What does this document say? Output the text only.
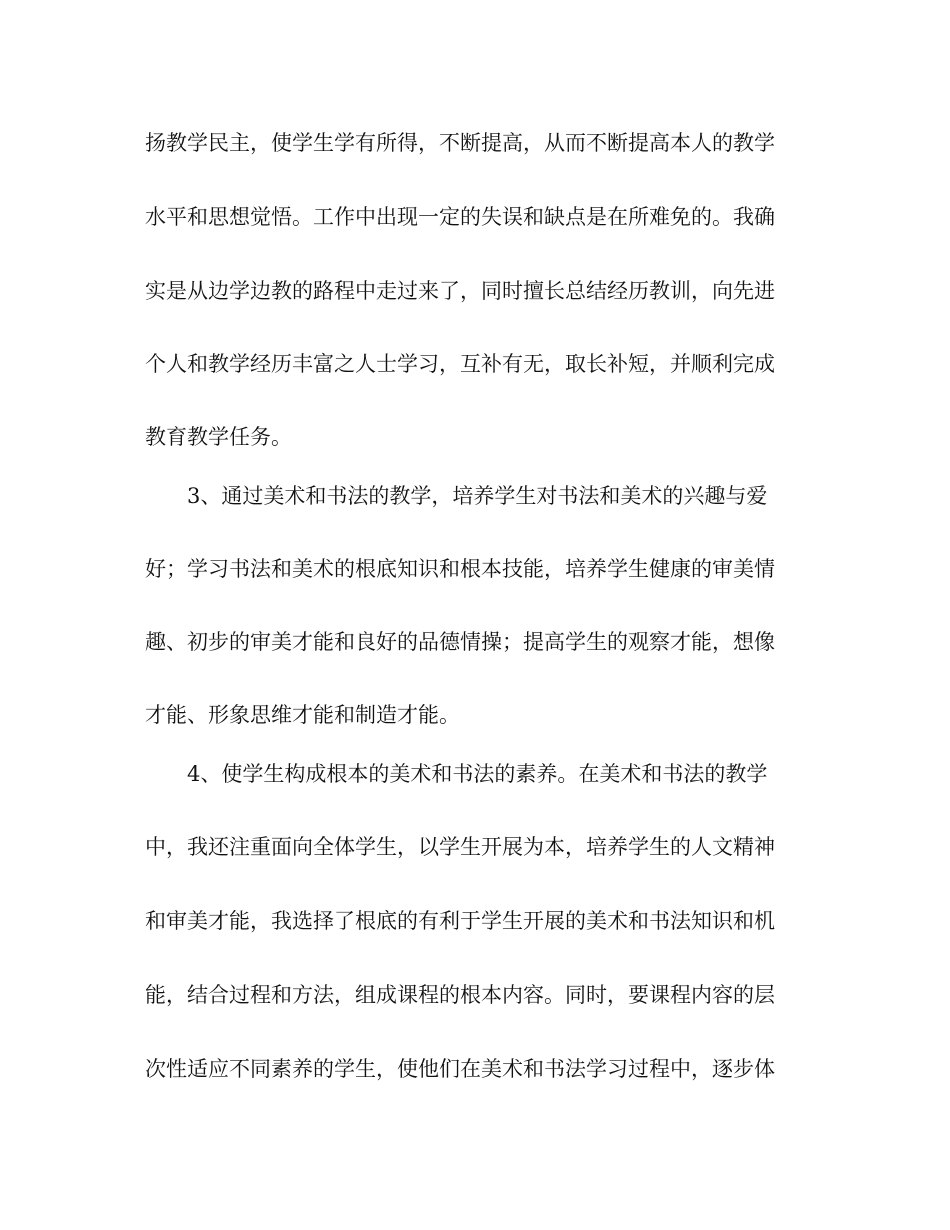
扬教学民主，使学生学有所得，不断提高，从而不断提高本人的教学
水平和思想觉悟。工作中出现一定的失误和缺点是在所难免的。我确
实是从边学边教的路程中走过来了，同时擅长总结经历教训，向先进
个人和教学经历丰富之人士学习，互补有无，取长补短，并顺利完成
教育教学任务。
3、通过美术和书法的教学，培养学生对书法和美术的兴趣与爱
好；学习书法和美术的根底知识和根本技能，培养学生健康的审美情
趣、初步的审美才能和良好的品德情操；提高学生的观察才能，想像
才能、形象思维才能和制造才能。
4、使学生构成根本的美术和书法的素养。在美术和书法的教学
中，我还注重面向全体学生，以学生开展为本，培养学生的人文精神
和审美才能，我选择了根底的有利于学生开展的美术和书法知识和机
能，结合过程和方法，组成课程的根本内容。同时，要课程内容的层
次性适应不同素养的学生，使他们在美术和书法学习过程中，逐步体
